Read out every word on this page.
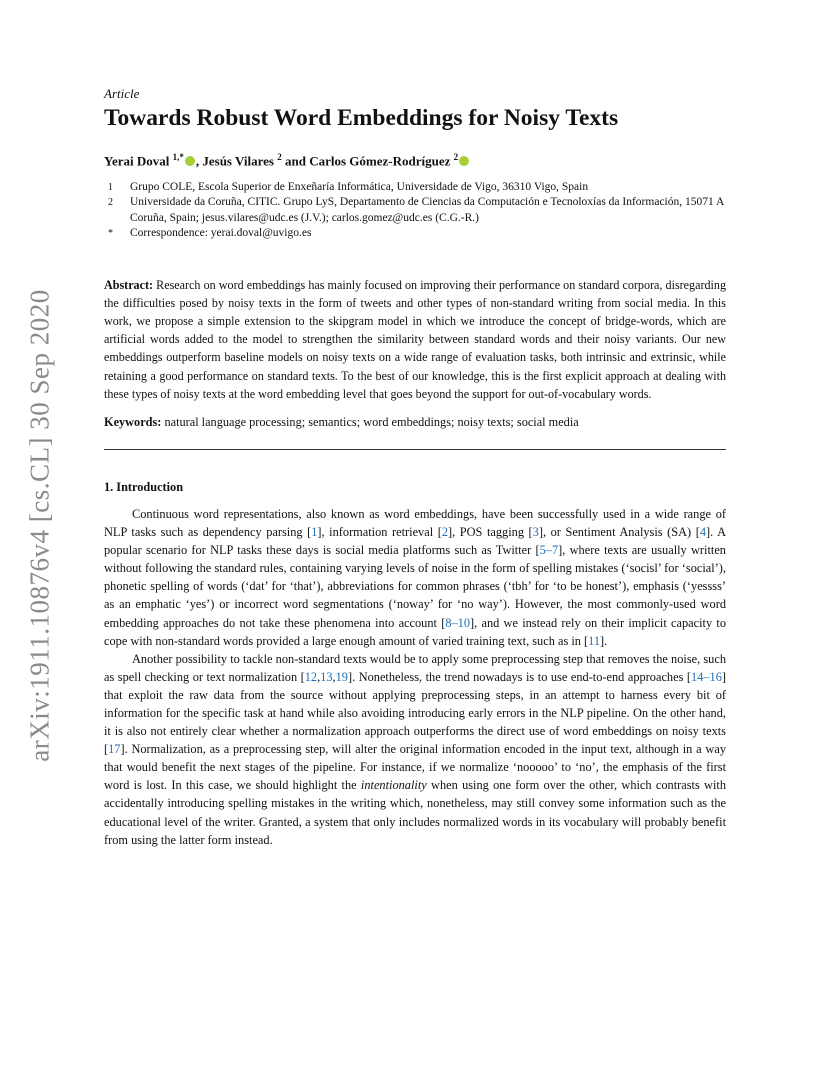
arXiv:1911.10876v4 [cs.CL] 30 Sep 2020
Article
Towards Robust Word Embeddings for Noisy Texts
Yerai Doval $^{1,*}$ , Jesús Vilares $^2$ and Carlos Gómez-Rodríguez $^2$
1	Grupo COLE, Escola Superior de Enxeñaría Informática, Universidade de Vigo, 36310 Vigo, Spain
2	Universidade da Coruña, CITIC. Grupo LyS, Departamento de Ciencias da Computación e Tecnoloxías da Información, 15071 A Coruña, Spain; jesus.vilares@udc.es (J.V.); carlos.gomez@udc.es (C.G.-R.)
*	Correspondence: yerai.doval@uvigo.es
Abstract: Research on word embeddings has mainly focused on improving their performance on standard corpora, disregarding the difficulties posed by noisy texts in the form of tweets and other types of non-standard writing from social media. In this work, we propose a simple extension to the skipgram model in which we introduce the concept of bridge-words, which are artificial words added to the model to strengthen the similarity between standard words and their noisy variants. Our new embeddings outperform baseline models on noisy texts on a wide range of evaluation tasks, both intrinsic and extrinsic, while retaining a good performance on standard texts. To the best of our knowledge, this is the first explicit approach at dealing with these types of noisy texts at the word embedding level that goes beyond the support for out-of-vocabulary words.
Keywords: natural language processing; semantics; word embeddings; noisy texts; social media
1. Introduction

Continuous word representations, also known as word embeddings, have been successfully used in a wide range of NLP tasks such as dependency parsing [1], information retrieval [2], POS tagging [3], or Sentiment Analysis (SA) [4]. A popular scenario for NLP tasks these days is social media platforms such as Twitter [5–7], where texts are usually written without following the standard rules, containing varying levels of noise in the form of spelling mistakes (‘socisl’ for ‘social’), phonetic spelling of words (‘dat’ for ‘that’), abbreviations for common phrases (‘tbh’ for ‘to be honest’), emphasis (‘yessss’ as an emphatic ‘yes’) or incorrect word segmentations (‘noway’ for ‘no way’). However, the most commonly-used word embedding approaches do not take these phenomena into account [8–10], and we instead rely on their implicit capacity to cope with non-standard words provided a large enough amount of varied training text, such as in [11].

Another possibility to tackle non-standard texts would be to apply some preprocessing step that removes the noise, such as spell checking or text normalization [12,13,19]. Nonetheless, the trend nowadays is to use end-to-end approaches [14–16] that exploit the raw data from the source without applying preprocessing steps, in an attempt to harness every bit of information for the specific task at hand while also avoiding introducing early errors in the NLP pipeline. On the other hand, it is also not entirely clear whether a normalization approach outperforms the direct use of word embeddings on noisy texts [17]. Normalization, as a preprocessing step, will alter the original information encoded in the input text, although in a way that would benefit the next stages of the pipeline. For instance, if we normalize ‘nooooo’ to ‘no’, the emphasis of the first word is lost. In this case, we should highlight the intentionality when using one form over the other, which contrasts with accidentally introducing spelling mistakes in the writing which, nonetheless, may still convey some information such as the educational level of the writer. Granted, a system that only includes normalized words in its vocabulary will probably benefit from using the latter form instead.
